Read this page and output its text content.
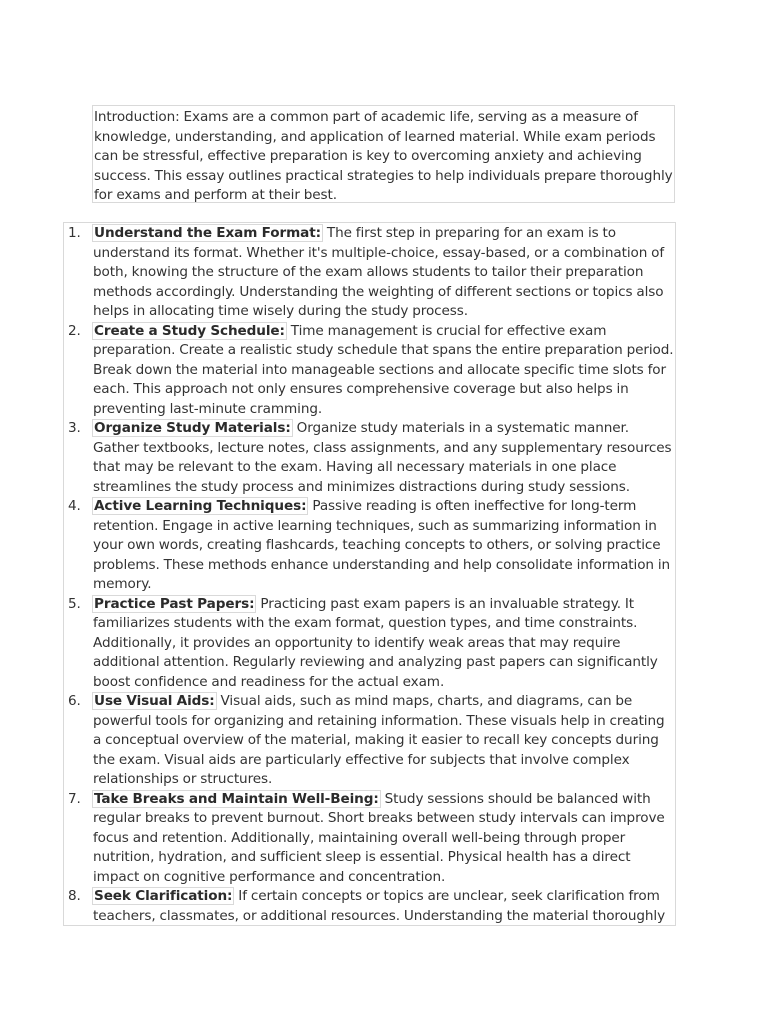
Introduction: Exams are a common part of academic life, serving as a measure of knowledge, understanding, and application of learned material. While exam periods can be stressful, effective preparation is key to overcoming anxiety and achieving success. This essay outlines practical strategies to help individuals prepare thoroughly for exams and perform at their best.
1. Understand the Exam Format: The first step in preparing for an exam is to understand its format. Whether it's multiple-choice, essay-based, or a combination of both, knowing the structure of the exam allows students to tailor their preparation methods accordingly. Understanding the weighting of different sections or topics also helps in allocating time wisely during the study process.
2. Create a Study Schedule: Time management is crucial for effective exam preparation. Create a realistic study schedule that spans the entire preparation period. Break down the material into manageable sections and allocate specific time slots for each. This approach not only ensures comprehensive coverage but also helps in preventing last-minute cramming.
3. Organize Study Materials: Organize study materials in a systematic manner. Gather textbooks, lecture notes, class assignments, and any supplementary resources that may be relevant to the exam. Having all necessary materials in one place streamlines the study process and minimizes distractions during study sessions.
4. Active Learning Techniques: Passive reading is often ineffective for long-term retention. Engage in active learning techniques, such as summarizing information in your own words, creating flashcards, teaching concepts to others, or solving practice problems. These methods enhance understanding and help consolidate information in memory.
5. Practice Past Papers: Practicing past exam papers is an invaluable strategy. It familiarizes students with the exam format, question types, and time constraints. Additionally, it provides an opportunity to identify weak areas that may require additional attention. Regularly reviewing and analyzing past papers can significantly boost confidence and readiness for the actual exam.
6. Use Visual Aids: Visual aids, such as mind maps, charts, and diagrams, can be powerful tools for organizing and retaining information. These visuals help in creating a conceptual overview of the material, making it easier to recall key concepts during the exam. Visual aids are particularly effective for subjects that involve complex relationships or structures.
7. Take Breaks and Maintain Well-Being: Study sessions should be balanced with regular breaks to prevent burnout. Short breaks between study intervals can improve focus and retention. Additionally, maintaining overall well-being through proper nutrition, hydration, and sufficient sleep is essential. Physical health has a direct impact on cognitive performance and concentration.
8. Seek Clarification: If certain concepts or topics are unclear, seek clarification from teachers, classmates, or additional resources. Understanding the material thoroughly
